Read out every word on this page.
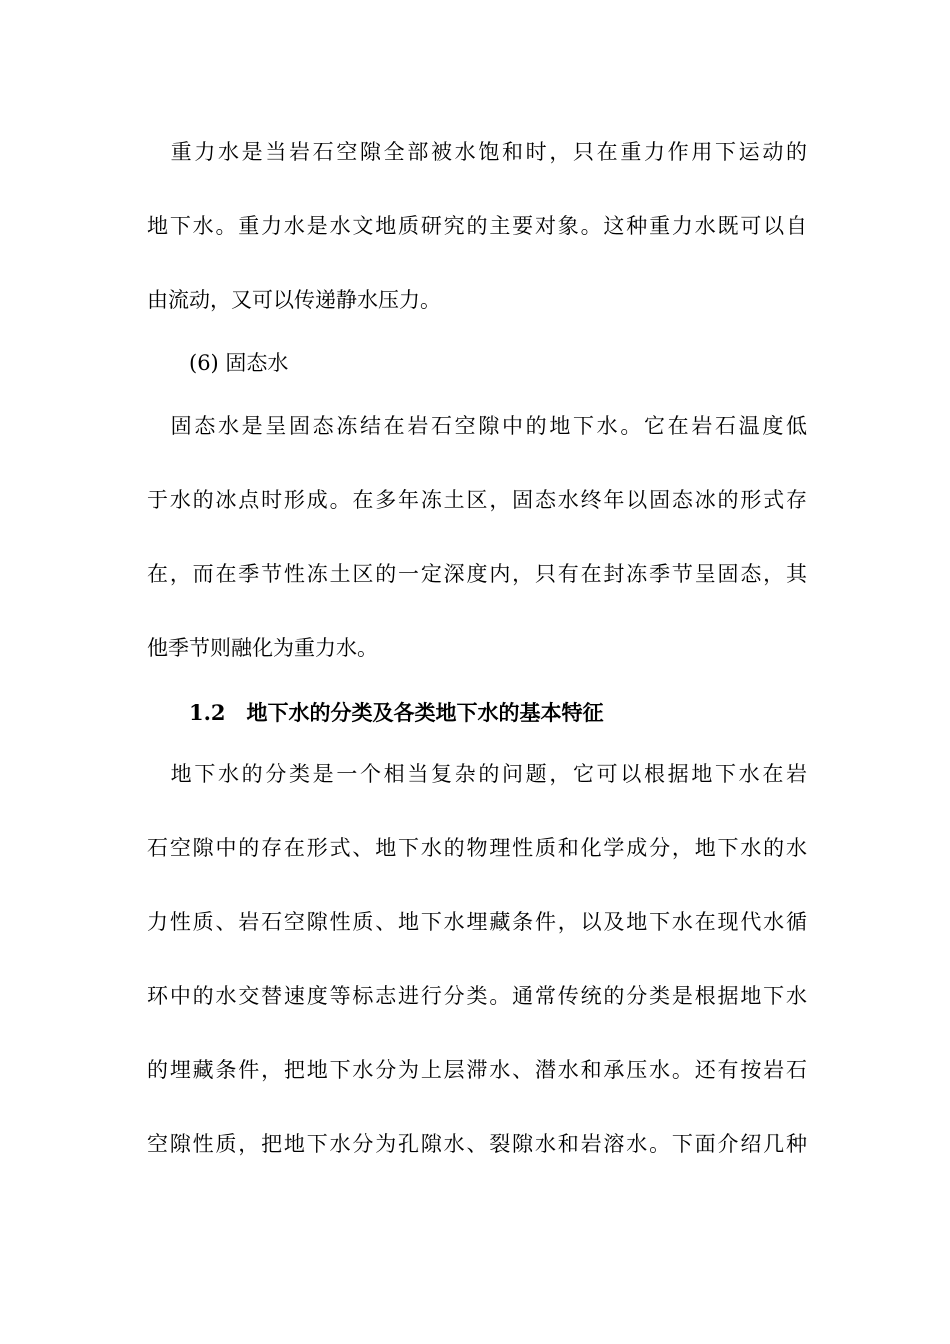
　重力水是当岩石空隙全部被水饱和时，只在重力作用下运动的
地下水。重力水是水文地质研究的主要对象。这种重力水既可以自
由流动，又可以传递静水压力。
(6) 固态水
　固态水是呈固态冻结在岩石空隙中的地下水。它在岩石温度低
于水的冰点时形成。在多年冻土区，固态水终年以固态冰的形式存
在，而在季节性冻土区的一定深度内，只有在封冻季节呈固态，其
他季节则融化为重力水。
1.2　地下水的分类及各类地下水的基本特征
　地下水的分类是一个相当复杂的问题，它可以根据地下水在岩
石空隙中的存在形式、地下水的物理性质和化学成分，地下水的水
力性质、岩石空隙性质、地下水埋藏条件，以及地下水在现代水循
环中的水交替速度等标志进行分类。通常传统的分类是根据地下水
的埋藏条件，把地下水分为上层滞水、潜水和承压水。还有按岩石
空隙性质，把地下水分为孔隙水、裂隙水和岩溶水。下面介绍几种
